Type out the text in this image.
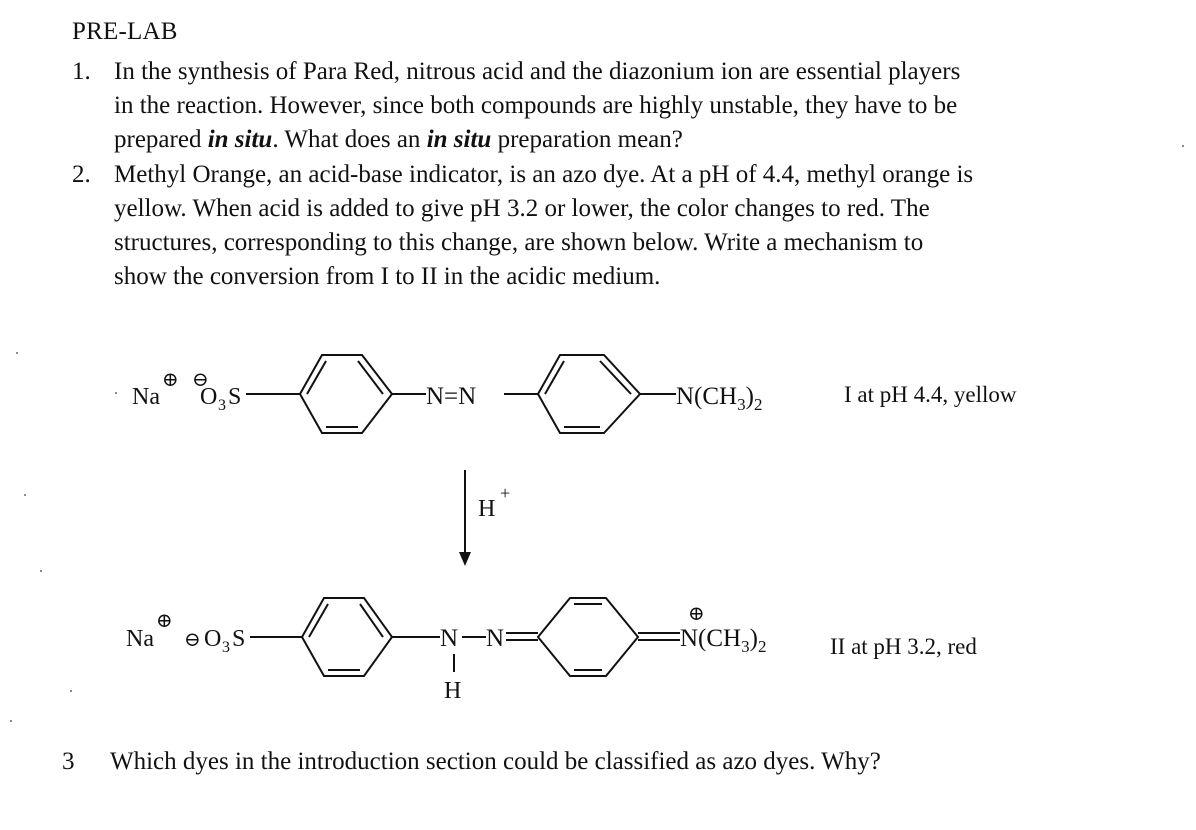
PRE-LAB
1. In the synthesis of Para Red, nitrous acid and the diazonium ion are essential players
in the reaction. However, since both compounds are highly unstable, they have to be
prepared in situ. What does an in situ preparation mean?
2. Methyl Orange, an acid-base indicator, is an azo dye. At a pH of 4.4, methyl orange is
yellow. When acid is added to give pH 3.2 or lower, the color changes to red. The
structures, corresponding to this change, are shown below. Write a mechanism to
show the conversion from I to II in the acidic medium.
Na
⊕ ⊖
O 3 S	N=N	$N(CH_3)_2$	I at pH 4.4, yellow
H
+
Na
⊕
⊖ O 3 S	N
H
N
⊕
$N(CH_3)_2$	II at pH 3.2, red
3 Which dyes in the introduction section could be classified as azo dyes. Why?
